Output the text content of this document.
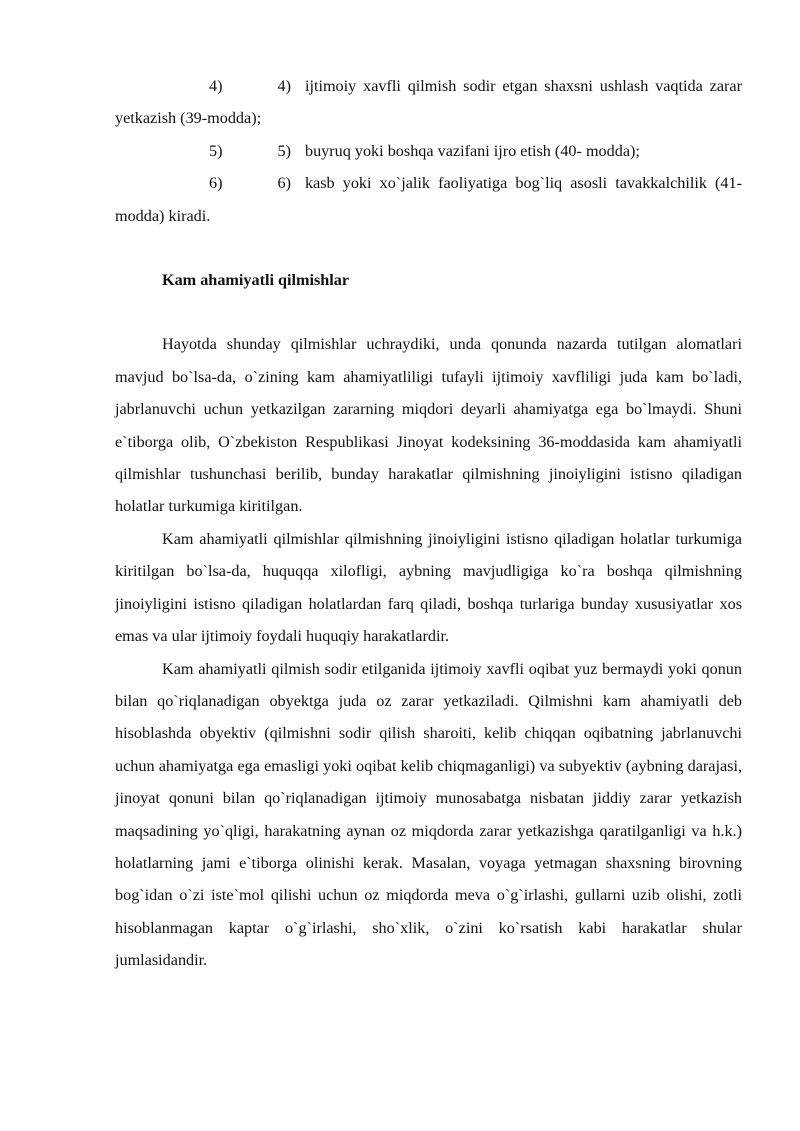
4)	4) ijtimoiy xavfli qilmish sodir etgan shaxsni ushlash vaqtida zarar yetkazish (39-modda);

5)	5) buyruq yoki boshqa vazifani ijro etish (40- modda);

6)	6) kasb yoki xo`jalik faoliyatiga bog`liq asosli tavakkalchilik (41-modda) kiradi.

Kam ahamiyatli qilmishlar

Hayotda shunday qilmishlar uchraydiki, unda qonunda nazarda tutilgan alomatlari mavjud bo`lsa-da, o`zining kam ahamiyatliligi tufayli ijtimoiy xavfliligi juda kam bo`ladi, jabrlanuvchi uchun yetkazilgan zararning miqdori deyarli ahamiyatga ega bo`lmaydi. Shuni e`tiborga olib, O`zbekiston Respublikasi Jinoyat kodeksining 36-moddasida kam ahamiyatli qilmishlar tushunchasi berilib, bunday harakatlar qilmishning jinoiyligini istisno qiladigan holatlar turkumiga kiritilgan.

Kam ahamiyatli qilmishlar qilmishning jinoiyligini istisno qiladigan holatlar turkumiga kiritilgan bo`lsa-da, huquqqa xilofligi, aybning mavjudligiga ko`ra boshqa qilmishning jinoiyligini istisno qiladigan holatlardan farq qiladi, boshqa turlariga bunday xususiyatlar xos emas va ular ijtimoiy foydali huquqiy harakatlardir.

Kam ahamiyatli qilmish sodir etilganida ijtimoiy xavfli oqibat yuz bermaydi yoki qonun bilan qo`riqlanadigan obyektga juda oz zarar yetkaziladi. Qilmishni kam ahamiyatli deb hisoblashda obyektiv (qilmishni sodir qilish sharoiti, kelib chiqqan oqibatning jabrlanuvchi uchun ahamiyatga ega emasligi yoki oqibat kelib chiqmaganligi) va subyektiv (aybning darajasi, jinoyat qonuni bilan qo`riqlanadigan ijtimoiy munosabatga nisbatan jiddiy zarar yetkazish maqsadining yo`qligi, harakatning aynan oz miqdorda zarar yetkazishga qaratilganligi va h.k.) holatlarning jami e`tiborga olinishi kerak. Masalan, voyaga yetmagan shaxsning birovning bog`idan o`zi iste`mol qilishi uchun oz miqdorda meva o`g`irlashi, gullarni uzib olishi, zotli hisoblanmagan kaptar o`g`irlashi, sho`xlik, o`zini ko`rsatish kabi harakatlar shular jumlasidandir.
